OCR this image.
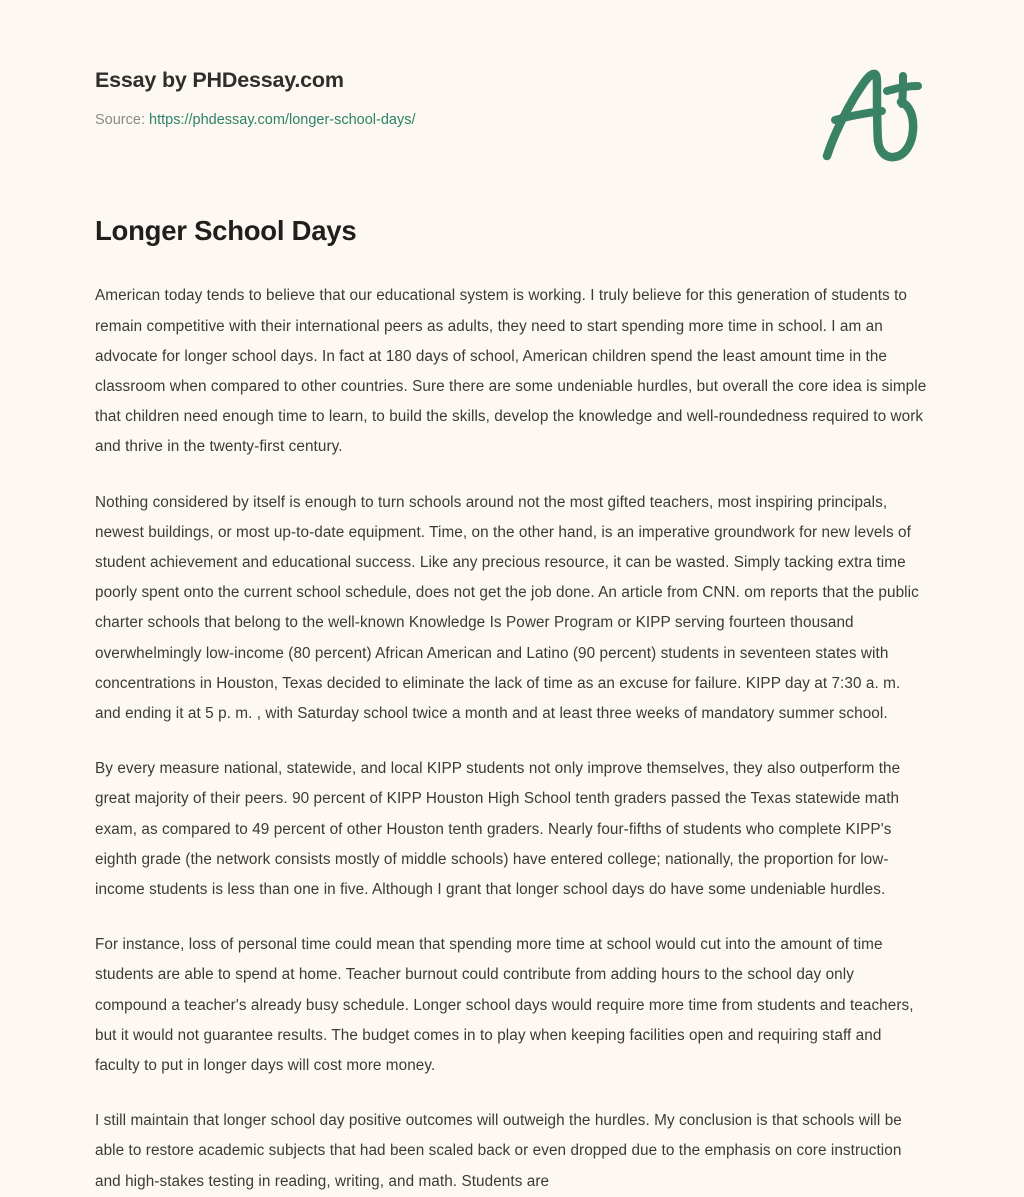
Essay by PHDessay.com
Source: https://phdessay.com/longer-school-days/
Longer School Days

American today tends to believe that our educational system is working. I truly believe for this generation of students to remain competitive with their international peers as adults, they need to start spending more time in school. I am an advocate for longer school days. In fact at 180 days of school, American children spend the least amount time in the classroom when compared to other countries. Sure there are some undeniable hurdles, but overall the core idea is simple that children need enough time to learn, to build the skills, develop the knowledge and well-roundedness required to work and thrive in the twenty-first century.

Nothing considered by itself is enough to turn schools around not the most gifted teachers, most inspiring principals, newest buildings, or most up-to-date equipment. Time, on the other hand, is an imperative groundwork for new levels of student achievement and educational success. Like any precious resource, it can be wasted. Simply tacking extra time poorly spent onto the current school schedule, does not get the job done. An article from CNN. om reports that the public charter schools that belong to the well-known Knowledge Is Power Program or KIPP serving fourteen thousand overwhelmingly low-income (80 percent) African American and Latino (90 percent) students in seventeen states with concentrations in Houston, Texas decided to eliminate the lack of time as an excuse for failure. KIPP day at 7:30 a. m. and ending it at 5 p. m. , with Saturday school twice a month and at least three weeks of mandatory summer school.

By every measure national, statewide, and local KIPP students not only improve themselves, they also outperform the great majority of their peers. 90 percent of KIPP Houston High School tenth graders passed the Texas statewide math exam, as compared to 49 percent of other Houston tenth graders. Nearly four-fifths of students who complete KIPP's eighth grade (the network consists mostly of middle schools) have entered college; nationally, the proportion for low-income students is less than one in five. Although I grant that longer school days do have some undeniable hurdles.

For instance, loss of personal time could mean that spending more time at school would cut into the amount of time students are able to spend at home. Teacher burnout could contribute from adding hours to the school day only compound a teacher's already busy schedule. Longer school days would require more time from students and teachers, but it would not guarantee results. The budget comes in to play when keeping facilities open and requiring staff and faculty to put in longer days will cost more money.

I still maintain that longer school day positive outcomes will outweigh the hurdles. My conclusion is that schools will be able to restore academic subjects that had been scaled back or even dropped due to the emphasis on core instruction and high-stakes testing in reading, writing, and math. Students are
